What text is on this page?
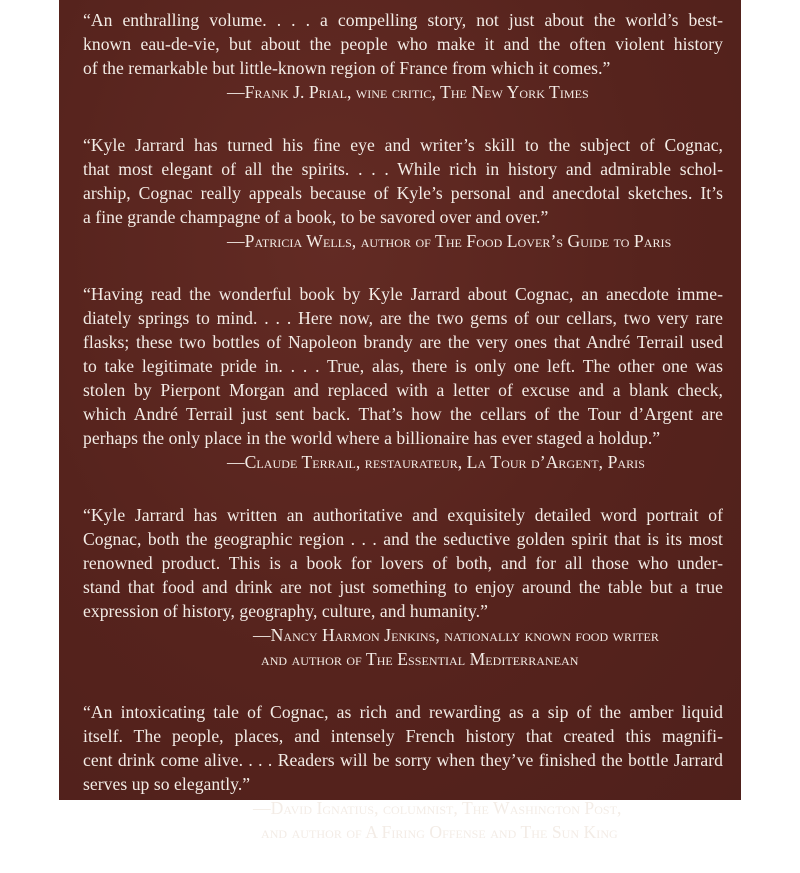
“An enthralling volume. . . . a compelling story, not just about the world’s best-
known eau-de-vie, but about the people who make it and the often violent history
of the remarkable but little-known region of France from which it comes.”
—Frank J. Prial, wine critic, The New York Times
“Kyle Jarrard has turned his fine eye and writer’s skill to the subject of Cognac,
that most elegant of all the spirits. . . . While rich in history and admirable schol-
arship, Cognac really appeals because of Kyle’s personal and anecdotal sketches. It’s
a fine grande champagne of a book, to be savored over and over.”
—Patricia Wells, author of The Food Lover’s Guide to Paris
“Having read the wonderful book by Kyle Jarrard about Cognac, an anecdote imme-
diately springs to mind. . . . Here now, are the two gems of our cellars, two very rare
flasks; these two bottles of Napoleon brandy are the very ones that André Terrail used
to take legitimate pride in. . . . True, alas, there is only one left. The other one was
stolen by Pierpont Morgan and replaced with a letter of excuse and a blank check,
which André Terrail just sent back. That’s how the cellars of the Tour d’Argent are
perhaps the only place in the world where a billionaire has ever staged a holdup.”
—Claude Terrail, restaurateur, La Tour d’Argent, Paris
“Kyle Jarrard has written an authoritative and exquisitely detailed word portrait of
Cognac, both the geographic region . . . and the seductive golden spirit that is its most
renowned product. This is a book for lovers of both, and for all those who under-
stand that food and drink are not just something to enjoy around the table but a true
expression of history, geography, culture, and humanity.”
—Nancy Harmon Jenkins, nationally known food writer
and author of The Essential Mediterranean
“An intoxicating tale of Cognac, as rich and rewarding as a sip of the amber liquid
itself. The people, places, and intensely French history that created this magnifi-
cent drink come alive. . . . Readers will be sorry when they’ve finished the bottle Jarrard
serves up so elegantly.”
—David Ignatius, columnist, The Washington Post,
and author of A Firing Offense and The Sun King
